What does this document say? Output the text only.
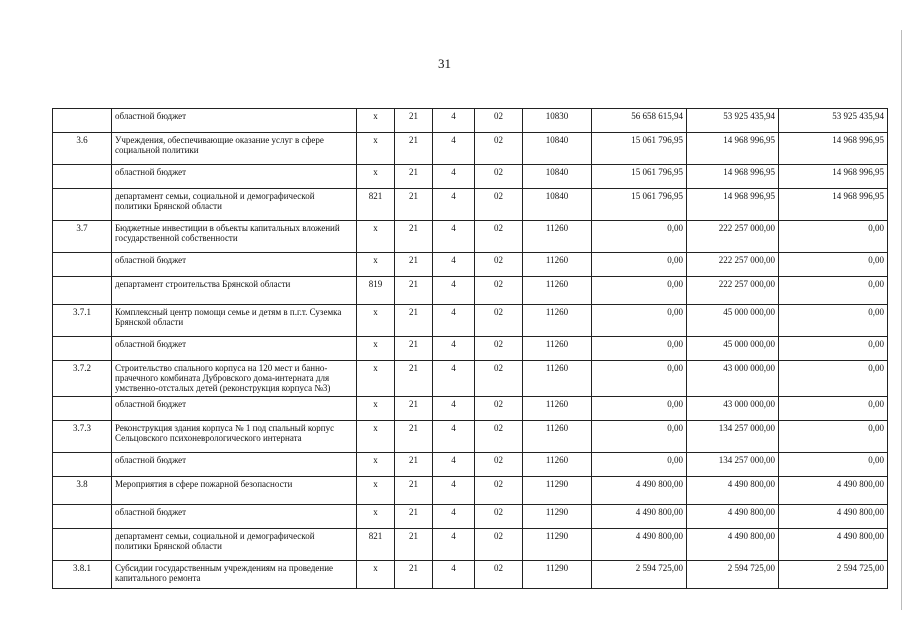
31
	областной бюджет	х	21	4	02	10830	56 658 615,94	53 925 435,94	53 925 435,94
3.6	Учреждения, обеспечивающие оказание услуг в сфере социальной политики	х	21	4	02	10840	15 061 796,95	14 968 996,95	14 968 996,95
	областной бюджет	х	21	4	02	10840	15 061 796,95	14 968 996,95	14 968 996,95
	департамент семьи, социальной и демографической политики Брянской области	821	21	4	02	10840	15 061 796,95	14 968 996,95	14 968 996,95
3.7	Бюджетные инвестиции в объекты капитальных вложений государственной собственности	х	21	4	02	11260	0,00	222 257 000,00	0,00
	областной бюджет	х	21	4	02	11260	0,00	222 257 000,00	0,00
	департамент строительства Брянской области	819	21	4	02	11260	0,00	222 257 000,00	0,00
3.7.1	Комплексный центр помощи семье и детям в п.г.т. Суземка Брянской области	х	21	4	02	11260	0,00	45 000 000,00	0,00
	областной бюджет	х	21	4	02	11260	0,00	45 000 000,00	0,00
3.7.2	Строительство спального корпуса на 120 мест и банно-прачечного комбината Дубровского дома-интерната для умственно-отсталых детей (реконструкция корпуса №3)	х	21	4	02	11260	0,00	43 000 000,00	0,00
	областной бюджет	х	21	4	02	11260	0,00	43 000 000,00	0,00
3.7.3	Реконструкция здания корпуса № 1 под спальный корпус Сельцовского психоневрологического интерната	х	21	4	02	11260	0,00	134 257 000,00	0,00
	областной бюджет	х	21	4	02	11260	0,00	134 257 000,00	0,00
3.8	Мероприятия в сфере пожарной безопасности	х	21	4	02	11290	4 490 800,00	4 490 800,00	4 490 800,00
	областной бюджет	х	21	4	02	11290	4 490 800,00	4 490 800,00	4 490 800,00
	департамент семьи, социальной и демографической политики Брянской области	821	21	4	02	11290	4 490 800,00	4 490 800,00	4 490 800,00
3.8.1	Субсидии государственным учреждениям на проведение капитального ремонта	х	21	4	02	11290	2 594 725,00	2 594 725,00	2 594 725,00
